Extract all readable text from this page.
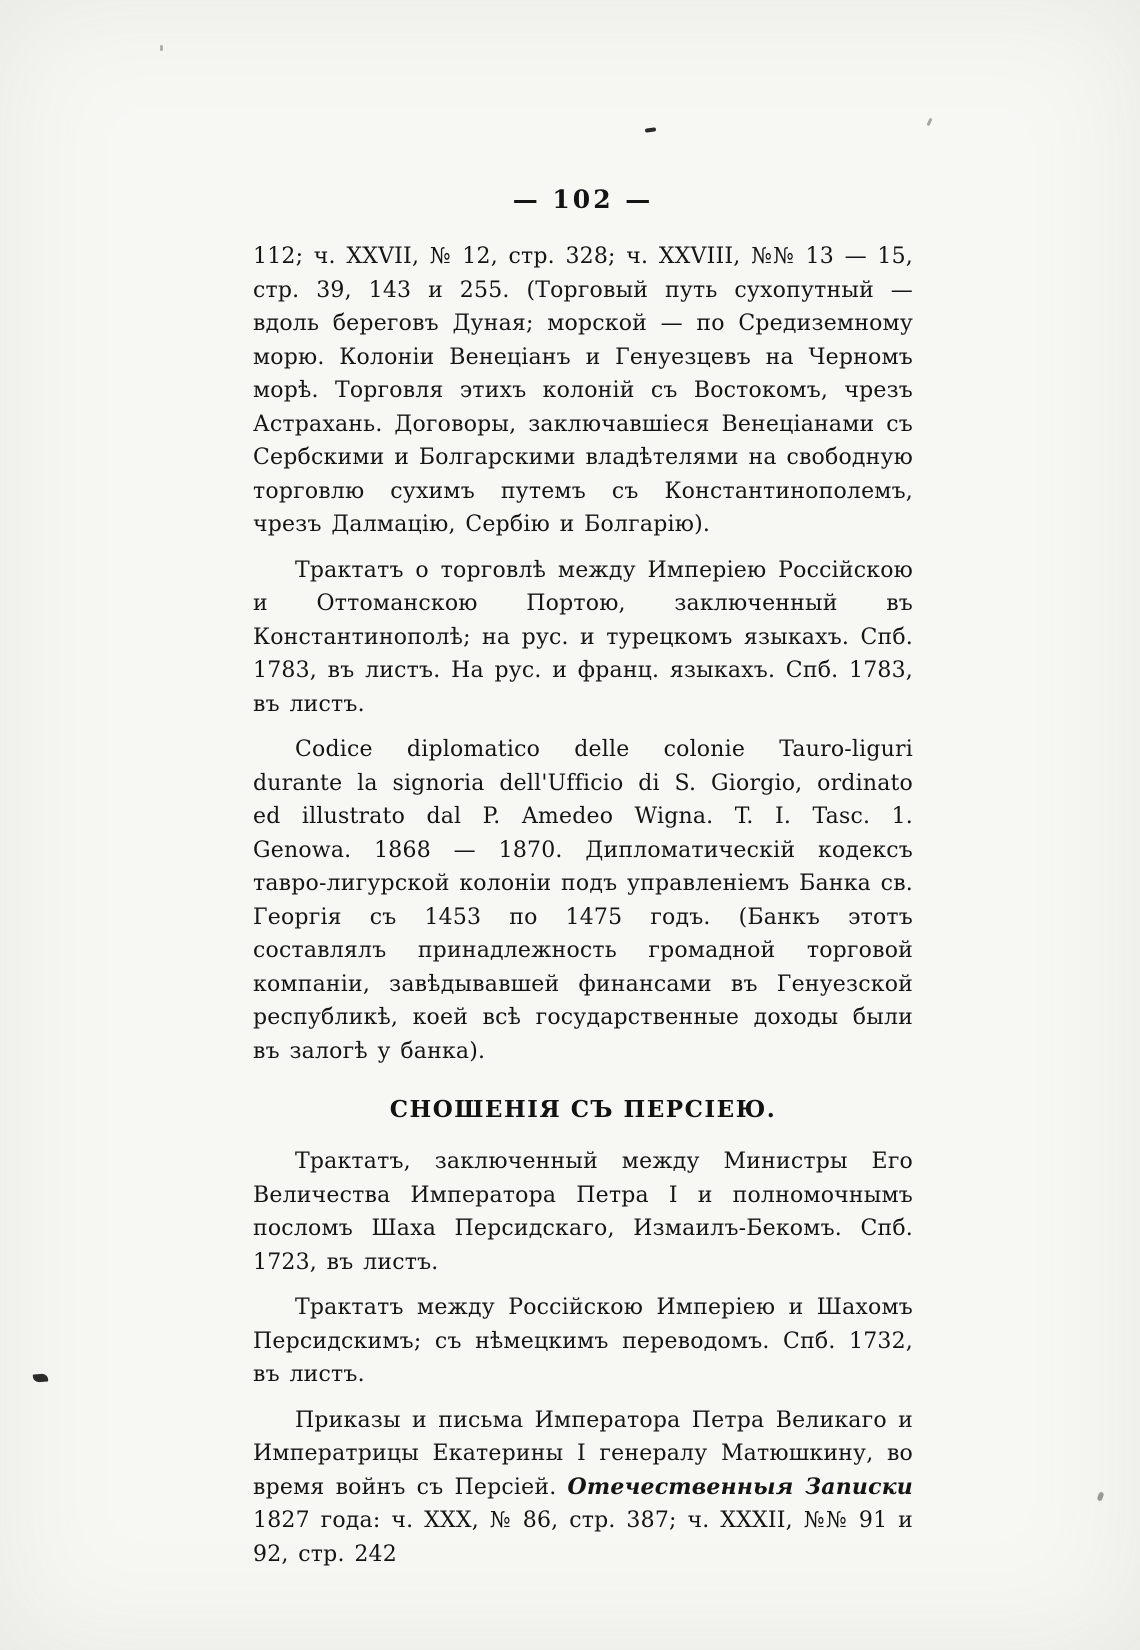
— 102 —

112; ч. XXVII, № 12, стр. 328; ч. XXVIII, №№ 13 — 15, стр. 39, 143 и 255. (Торговый путь сухопутный — вдоль береговъ Дуная; морской — по Средиземному морю. Колоніи Венеціанъ и Генуезцевъ на Черномъ морѣ. Торговля этихъ колоній съ Востокомъ, чрезъ Астрахань. Договоры, заключавшіеся Венеціанами съ Сербскими и Болгарскими владѣтелями на свободную торговлю сухимъ путемъ съ Константинополемъ, чрезъ Далмацію, Сербію и Болгарію).

Трактатъ о торговлѣ между Имперіею Россійскою и Оттоманскою Портою, заключенный въ Константинополѣ; на рус. и турецкомъ языкахъ. Спб. 1783, въ листъ. На рус. и франц. языкахъ. Спб. 1783, въ листъ.

Codice diplomatico delle colonie Tauro-liguri durante la signoria dell'Ufficio di S. Giorgio, ordinato ed illustrato dal P. Amedeo Wigna. T. I. Tasc. 1. Genowa. 1868 — 1870. Дипломатическій кодексъ тавро-лигурской колоніи подъ управленіемъ Банка св. Георгія съ 1453 по 1475 годъ. (Банкъ этотъ составлялъ принадлежность громадной торговой компаніи, завѣдывавшей финансами въ Генуезской республикѣ, коей всѣ государственные доходы были въ залогѣ у банка).

СНОШЕНІЯ СЪ ПЕРСІЕЮ.

Трактатъ, заключенный между Министры Его Величества Императора Петра I и полномочнымъ посломъ Шаха Персидскаго, Измаилъ-Бекомъ. Спб. 1723, въ листъ.

Трактатъ между Россійскою Имперіею и Шахомъ Персидскимъ; съ нѣмецкимъ переводомъ. Спб. 1732, въ листъ.

Приказы и письма Императора Петра Великаго и Императрицы Екатерины I генералу Матюшкину, во время войнъ съ Персіей. Отечественныя Записки 1827 года: ч. XXX, № 86, стр. 387; ч. XXXII, №№ 91 и 92, стр. 242
